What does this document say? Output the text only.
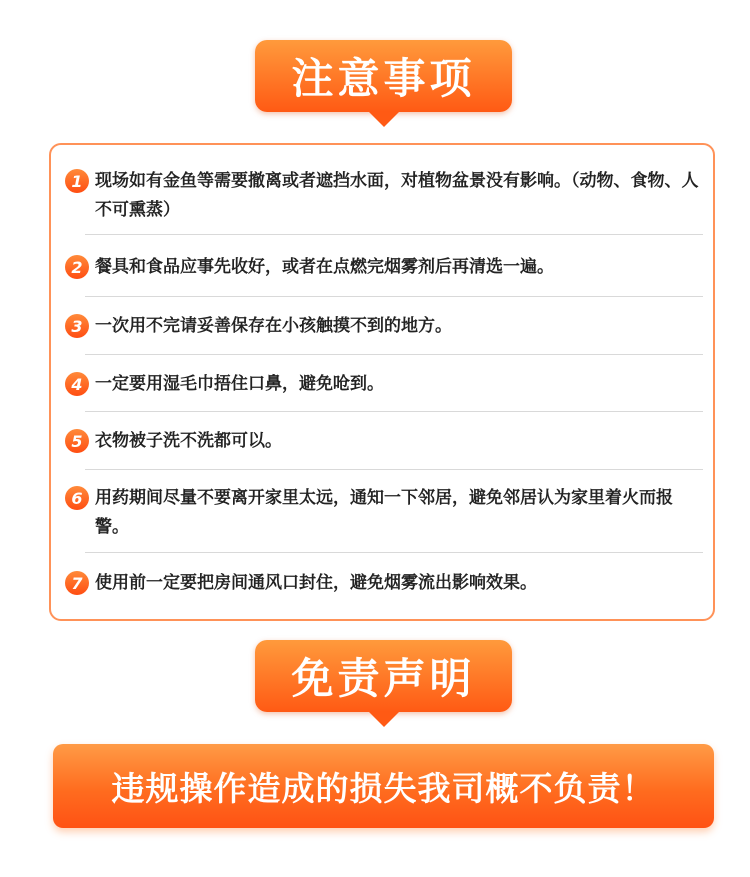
注意事项
1 现场如有金鱼等需要撤离或者遮挡水面，对植物盆景没有影响。（动物、食物、人不可熏蒸）
2 餐具和食品应事先收好，或者在点燃完烟雾剂后再清选一遍。
3 一次用不完请妥善保存在小孩触摸不到的地方。
4 一定要用湿毛巾捂住口鼻，避免呛到。
5 衣物被子洗不洗都可以。
6 用药期间尽量不要离开家里太远，通知一下邻居，避免邻居认为家里着火而报警。
7 使用前一定要把房间通风口封住，避免烟雾流出影响效果。
免责声明
违规操作造成的损失我司概不负责！
